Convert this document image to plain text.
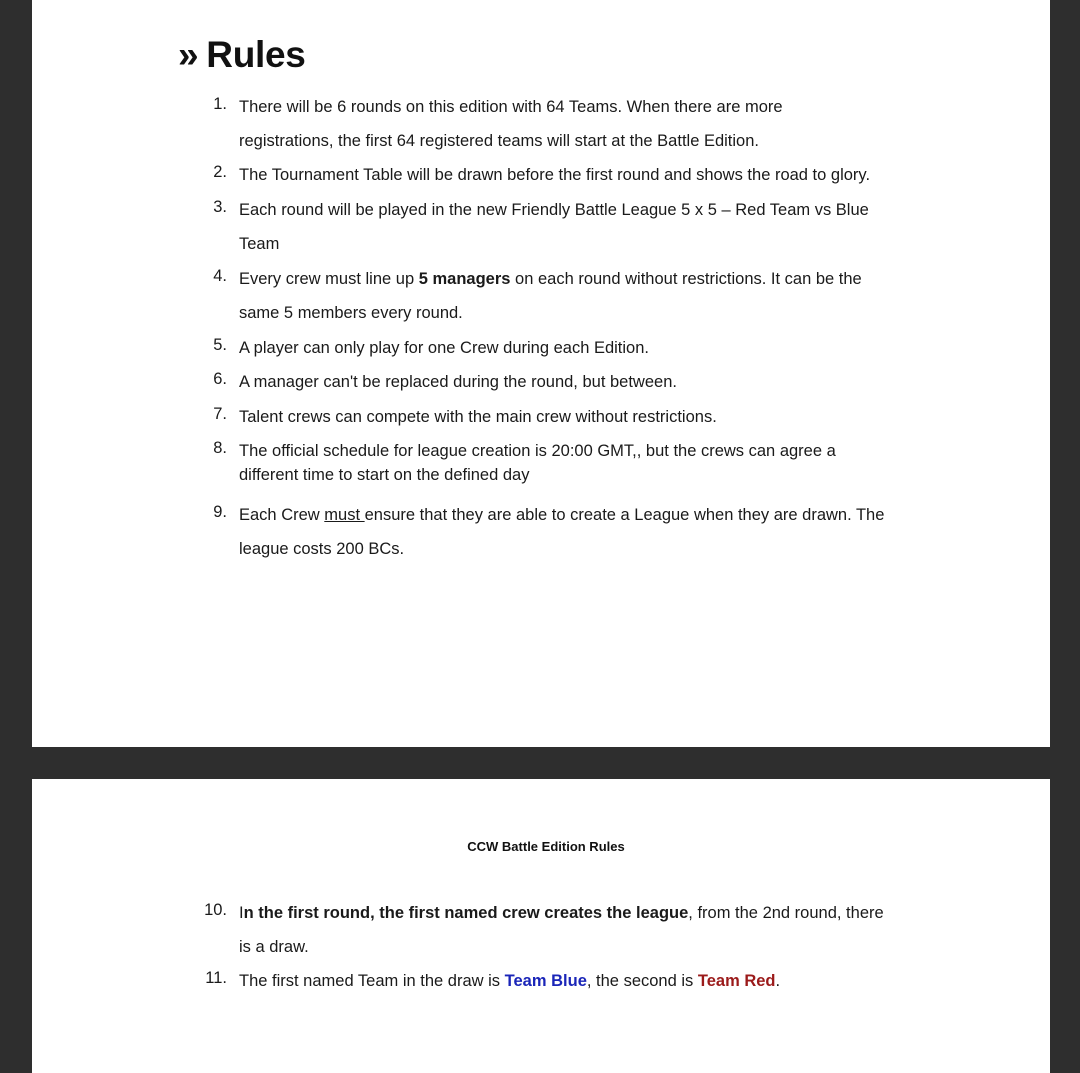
» Rules
1. There will be 6 rounds on this edition with 64 Teams. When there are more
registrations, the first 64 registered teams will start at the Battle Edition.
2. The Tournament Table will be drawn before the first round and shows the road to glory.
3. Each round will be played in the new Friendly Battle League 5 x 5 – Red Team vs Blue
Team
4. Every crew must line up 5 managers on each round without restrictions. It can be the
same 5 members every round.
5. A player can only play for one Crew during each Edition.
6. A manager can't be replaced during the round, but between.
7. Talent crews can compete with the main crew without restrictions.
8. The official schedule for league creation is 20:00 GMT,, but the crews can agree a
different time to start on the defined day
9. Each Crew must ensure that they are able to create a League when they are drawn. The
league costs 200 BCs.
CCW Battle Edition Rules
10. In the first round, the first named crew creates the league, from the 2nd round, there
is a draw.
11. The first named Team in the draw is Team Blue, the second is Team Red.
